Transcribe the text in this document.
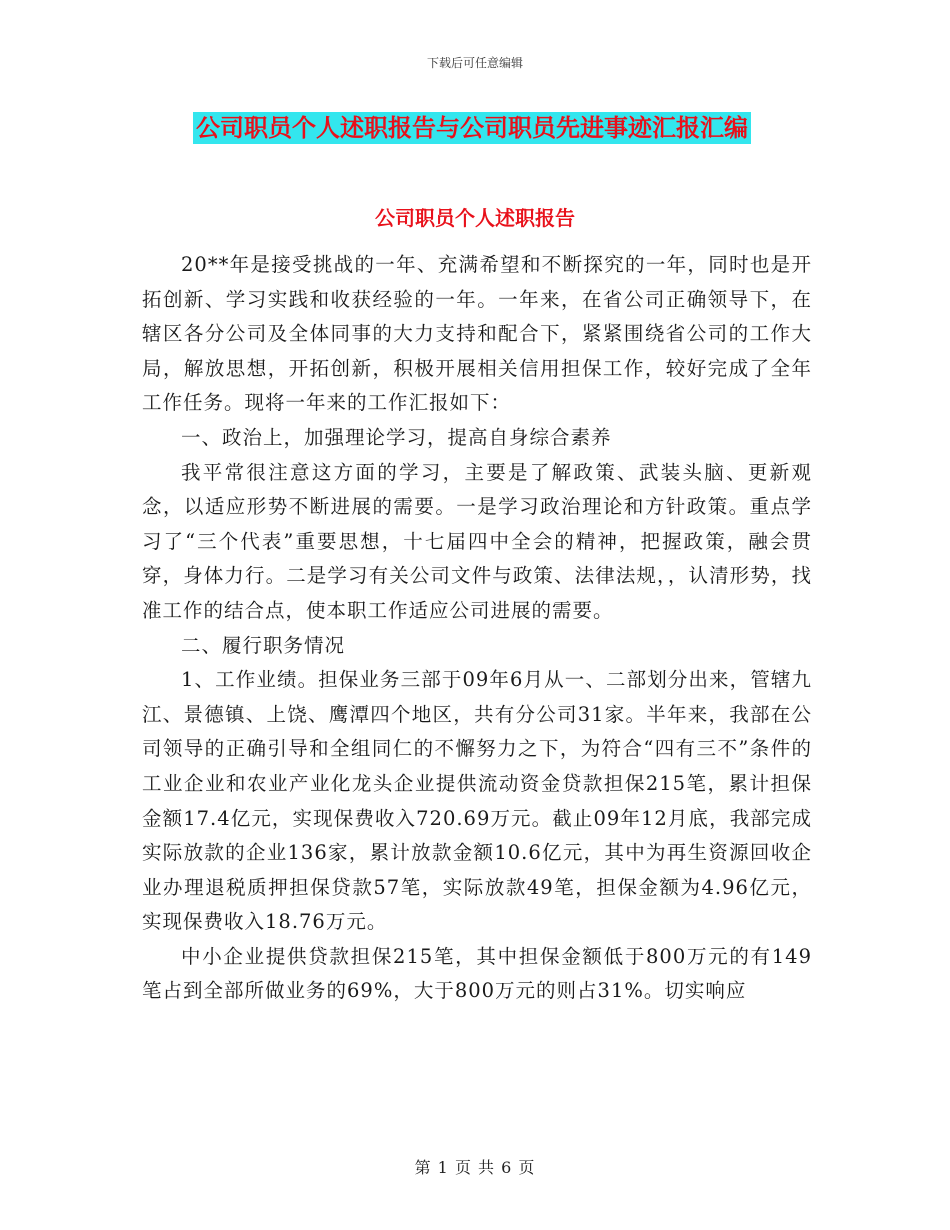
下载后可任意编辑
公司职员个人述职报告与公司职员先进事迹汇报汇编
公司职员个人述职报告

20**年是接受挑战的一年、充满希望和不断探究的一年，同时也是开拓创新、学习实践和收获经验的一年。一年来，在省公司正确领导下，在辖区各分公司及全体同事的大力支持和配合下，紧紧围绕省公司的工作大局，解放思想，开拓创新，积极开展相关信用担保工作，较好完成了全年工作任务。现将一年来的工作汇报如下：

一、政治上，加强理论学习，提高自身综合素养

我平常很注意这方面的学习，主要是了解政策、武装头脑、更新观念，以适应形势不断进展的需要。一是学习政治理论和方针政策。重点学习了“三个代表”重要思想，十七届四中全会的精神，把握政策，融会贯穿，身体力行。二是学习有关公司文件与政策、法律法规，，认清形势，找准工作的结合点，使本职工作适应公司进展的需要。

二、履行职务情况

1、工作业绩。担保业务三部于09年6月从一、二部划分出来，管辖九江、景德镇、上饶、鹰潭四个地区，共有分公司31家。半年来，我部在公司领导的正确引导和全组同仁的不懈努力之下，为符合“四有三不”条件的工业企业和农业产业化龙头企业提供流动资金贷款担保215笔，累计担保金额17.4亿元，实现保费收入720.69万元。截止09年12月底，我部完成实际放款的企业136家，累计放款金额10.6亿元，其中为再生资源回收企业办理退税质押担保贷款57笔，实际放款49笔，担保金额为4.96亿元，实现保费收入18.76万元。

中小企业提供贷款担保215笔，其中担保金额低于800万元的有149笔占到全部所做业务的69%，大于800万元的则占31%。切实响应

第 1 页 共 6 页
